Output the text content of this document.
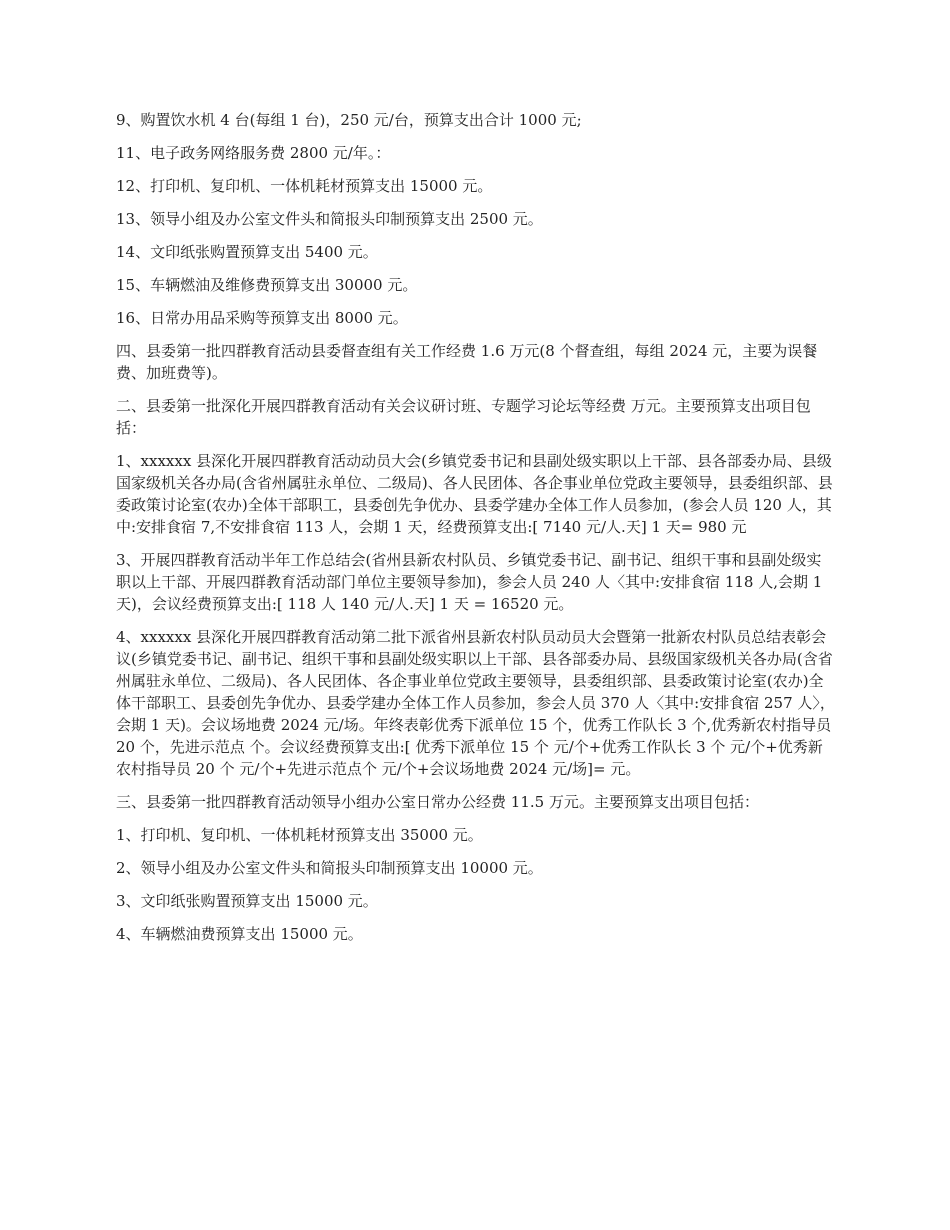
9、购置饮水机 4 台(每组 1 台)，250 元/台，预算支出合计 1000 元;

11、电子政务网络服务费 2800 元/年。：

12、打印机、复印机、一体机耗材预算支出 15000 元。

13、领导小组及办公室文件头和简报头印制预算支出 2500 元。

14、文印纸张购置预算支出 5400 元。

15、车辆燃油及维修费预算支出 30000 元。

16、日常办用品采购等预算支出 8000 元。

四、县委第一批四群教育活动县委督查组有关工作经费 1.6 万元(8 个督查组，每组 2024 元，主要为误餐费、加班费等)。

二、县委第一批深化开展四群教育活动有关会议研讨班、专题学习论坛等经费 万元。主要预算支出项目包括：

1、xxxxxx 县深化开展四群教育活动动员大会(乡镇党委书记和县副处级实职以上干部、县各部委办局、县级国家级机关各办局(含省州属驻永单位、二级局)、各人民团体、各企事业单位党政主要领导，县委组织部、县委政策讨论室(农办)全体干部职工，县委创先争优办、县委学建办全体工作人员参加，(参会人员 120 人，其中:安排食宿 7,不安排食宿 113 人，会期 1 天，经费预算支出:[ 7140 元/人.天] 1 天= 980 元

3、开展四群教育活动半年工作总结会(省州县新农村队员、乡镇党委书记、副书记、组织干事和县副处级实职以上干部、开展四群教育活动部门单位主要领导参加)，参会人员 240 人〈其中:安排食宿 118 人,会期 1 天)，会议经费预算支出:[ 118 人 140 元/人.天] 1 天 = 16520 元。

4、xxxxxx 县深化开展四群教育活动第二批下派省州县新农村队员动员大会暨第一批新农村队员总结表彰会议(乡镇党委书记、副书记、组织干事和县副处级实职以上干部、县各部委办局、县级国家级机关各办局(含省州属驻永单位、二级局)、各人民团体、各企事业单位党政主要领导，县委组织部、县委政策讨论室(农办)全体干部职工、县委创先争优办、县委学建办全体工作人员参加，参会人员 370 人〈其中:安排食宿 257 人〉，会期 1 天)。会议场地费 2024 元/场。年终表彰优秀下派单位 15 个，优秀工作队长 3 个,优秀新农村指导员 20 个，先进示范点 个。会议经费预算支出:[ 优秀下派单位 15 个 元/个+优秀工作队长 3 个 元/个+优秀新农村指导员 20 个 元/个+先进示范点个 元/个+会议场地费 2024 元/场]= 元。

三、县委第一批四群教育活动领导小组办公室日常办公经费 11.5 万元。主要预算支出项目包括：

1、打印机、复印机、一体机耗材预算支出 35000 元。

2、领导小组及办公室文件头和简报头印制预算支出 10000 元。

3、文印纸张购置预算支出 15000 元。

4、车辆燃油费预算支出 15000 元。
